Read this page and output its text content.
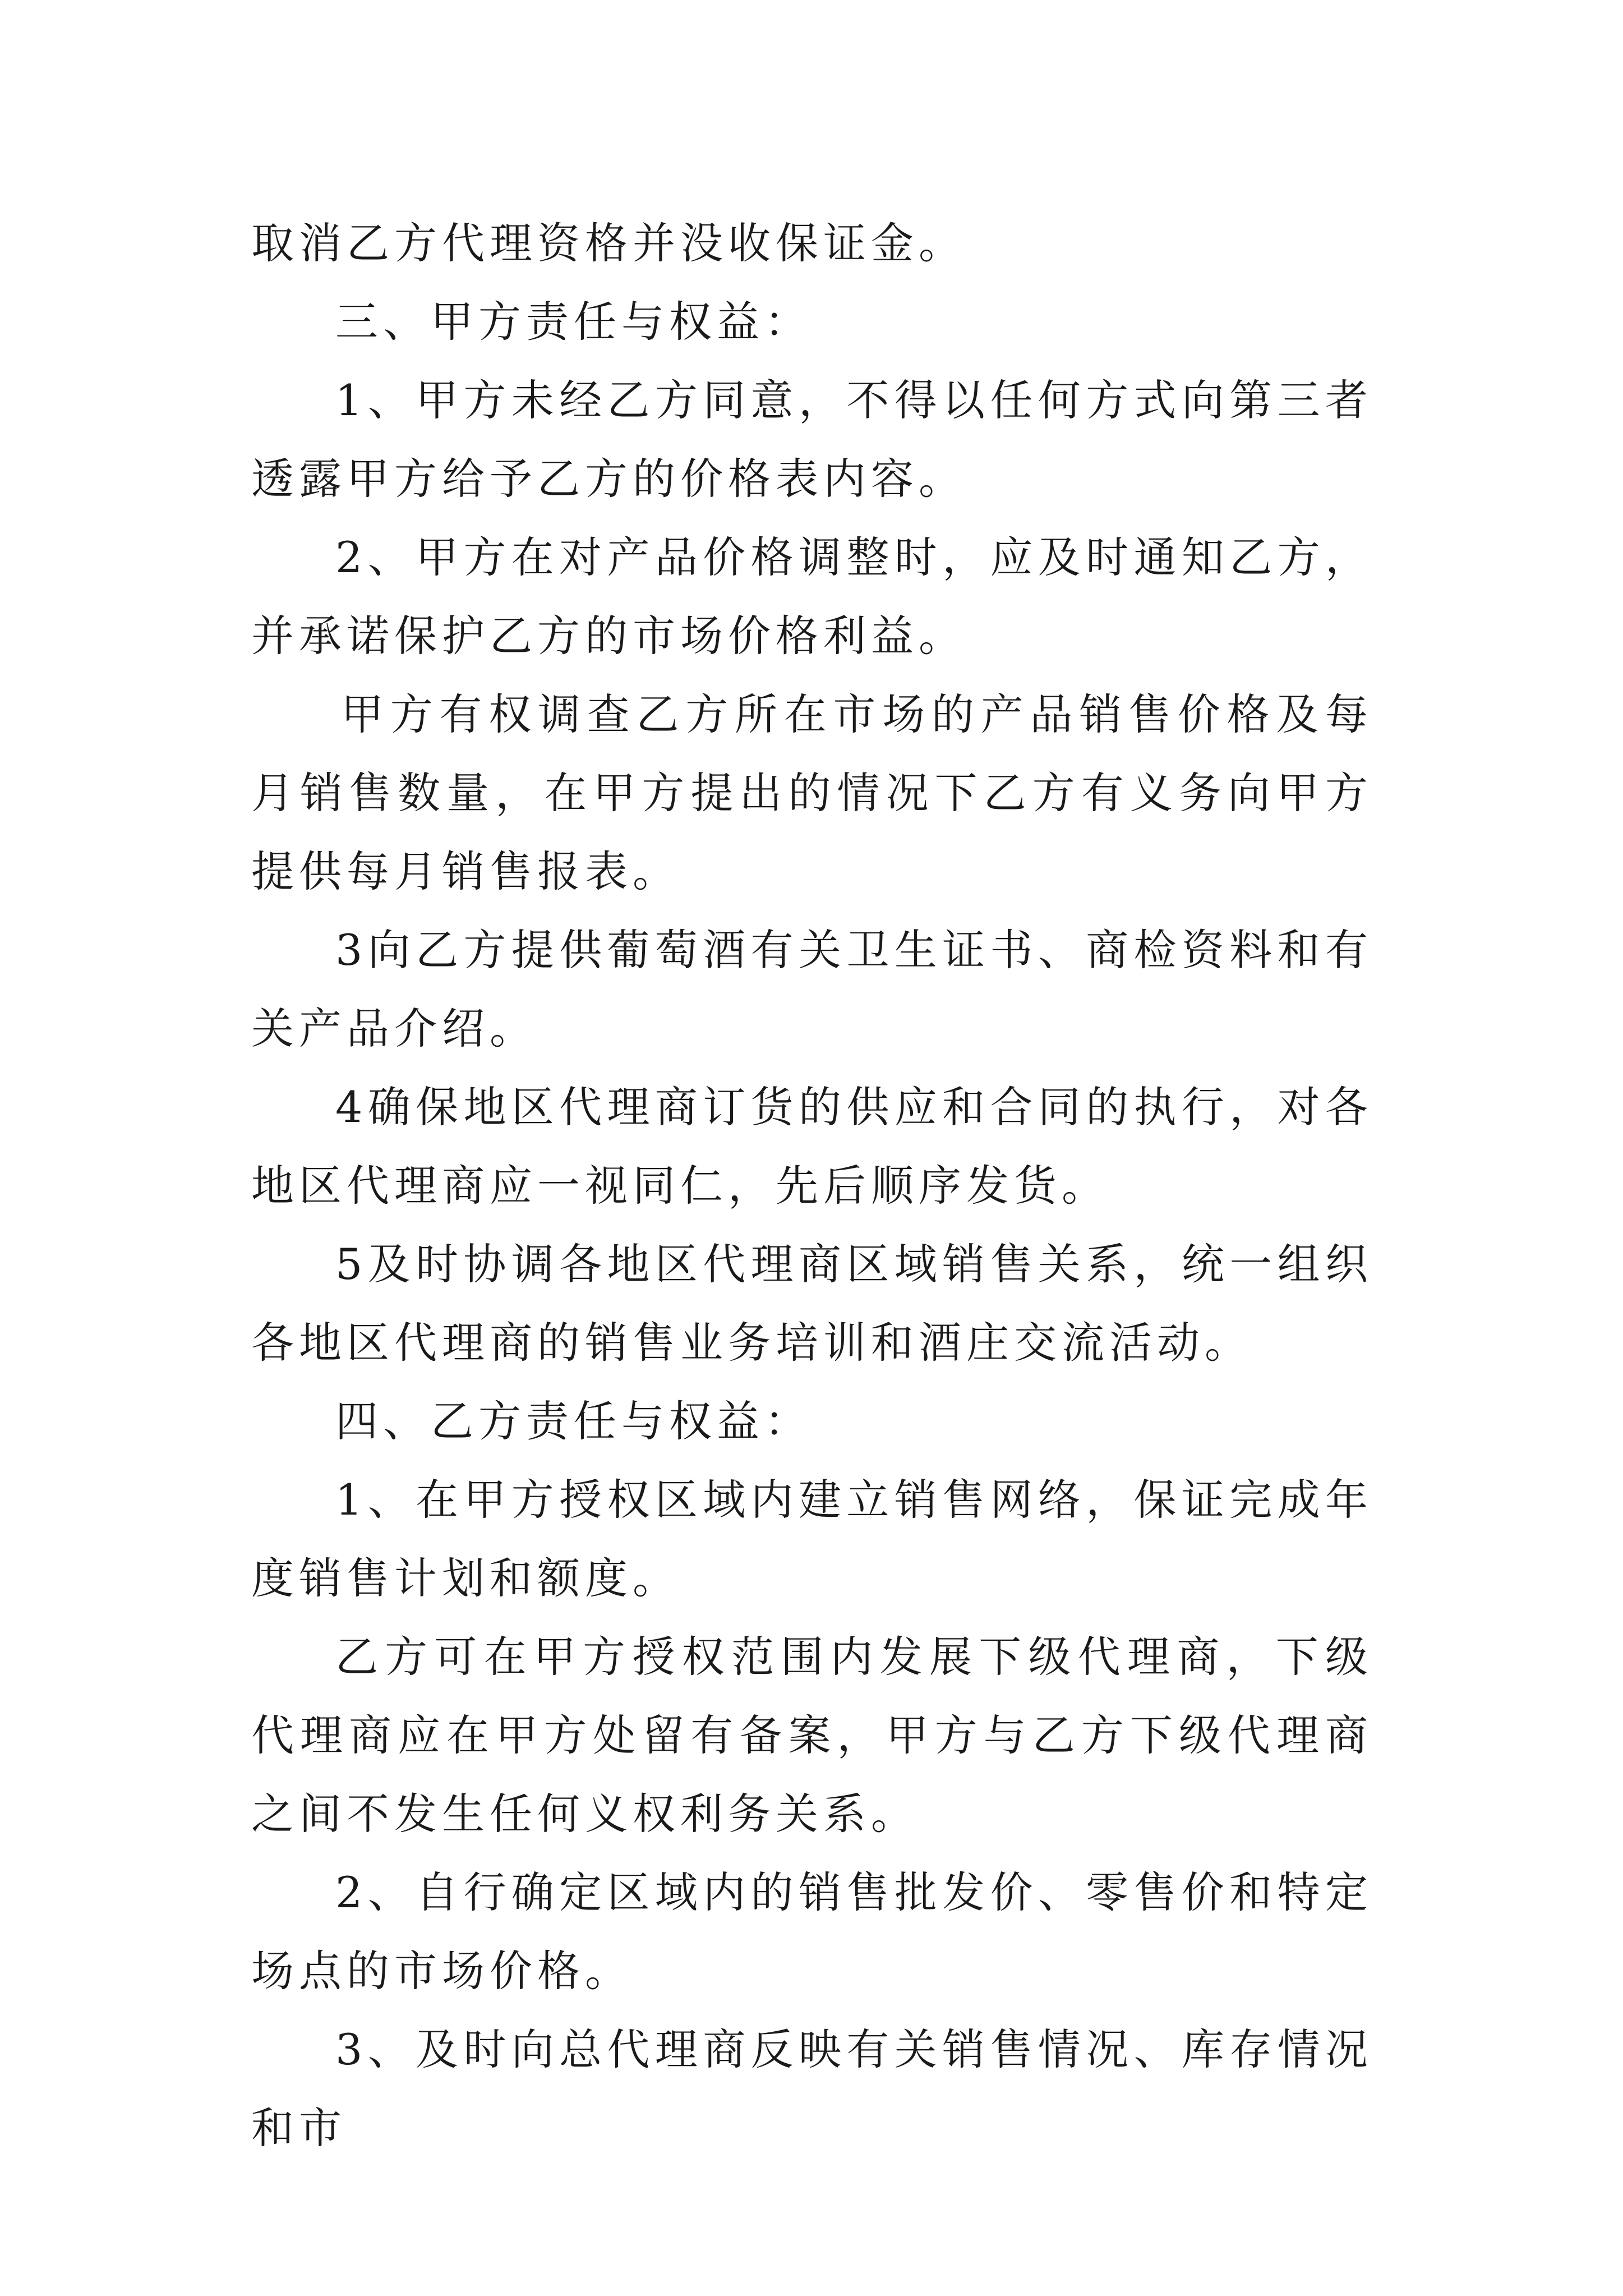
取消乙方代理资格并没收保证金。

三、甲方责任与权益：

1、甲方未经乙方同意，不得以任何方式向第三者透露甲方给予乙方的价格表内容。

2、甲方在对产品价格调整时，应及时通知乙方，并承诺保护乙方的市场价格利益。

甲方有权调查乙方所在市场的产品销售价格及每月销售数量，在甲方提出的情况下乙方有义务向甲方提供每月销售报表。

3向乙方提供葡萄酒有关卫生证书、商检资料和有关产品介绍。

4确保地区代理商订货的供应和合同的执行，对各地区代理商应一视同仁，先后顺序发货。

5及时协调各地区代理商区域销售关系，统一组织各地区代理商的销售业务培训和酒庄交流活动。

四、乙方责任与权益：

1、在甲方授权区域内建立销售网络，保证完成年度销售计划和额度。

乙方可在甲方授权范围内发展下级代理商，下级代理商应在甲方处留有备案，甲方与乙方下级代理商之间不发生任何义权利务关系。

2、自行确定区域内的销售批发价、零售价和特定场点的市场价格。

3、及时向总代理商反映有关销售情况、库存情况和市
